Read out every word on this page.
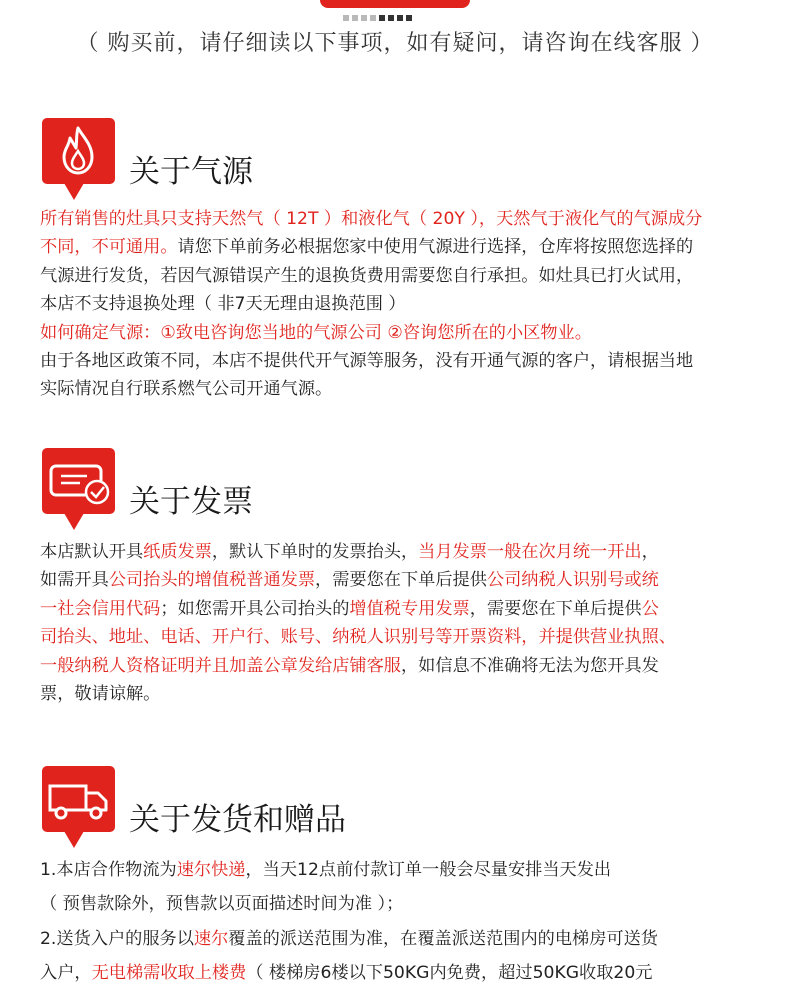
（ 购买前，请仔细读以下事项，如有疑问，请咨询在线客服 ）
关于气源

所有销售的灶具只支持天然气（ 12T ）和液化气（ 20Y ），天然气于液化气的气源成分

不同，不可通用。请您下单前务必根据您家中使用气源进行选择，仓库将按照您选择的

气源进行发货，若因气源错误产生的退换货费用需要您自行承担。如灶具已打火试用，

本店不支持退换处理（ 非7天无理由退换范围 ）

如何确定气源：①致电咨询您当地的气源公司 ②咨询您所在的小区物业。

由于各地区政策不同，本店不提供代开气源等服务，没有开通气源的客户，请根据当地

实际情况自行联系燃气公司开通气源。

关于发票

本店默认开具纸质发票，默认下单时的发票抬头，当月发票一般在次月统一开出，

如需开具公司抬头的增值税普通发票，需要您在下单后提供公司纳税人识别号或统

一社会信用代码；如您需开具公司抬头的增值税专用发票，需要您在下单后提供公

司抬头、地址、电话、开户行、账号、纳税人识别号等开票资料，并提供营业执照、

一般纳税人资格证明并且加盖公章发给店铺客服，如信息不准确将无法为您开具发

票，敬请谅解。

关于发货和赠品

1.本店合作物流为速尔快递，当天12点前付款订单一般会尽量安排当天发出

（ 预售款除外，预售款以页面描述时间为准 ）；

2.送货入户的服务以速尔覆盖的派送范围为准，在覆盖派送范围内的电梯房可送货

入户，无电梯需收取上楼费（ 楼梯房6楼以下50KG内免费，超过50KG收取20元
